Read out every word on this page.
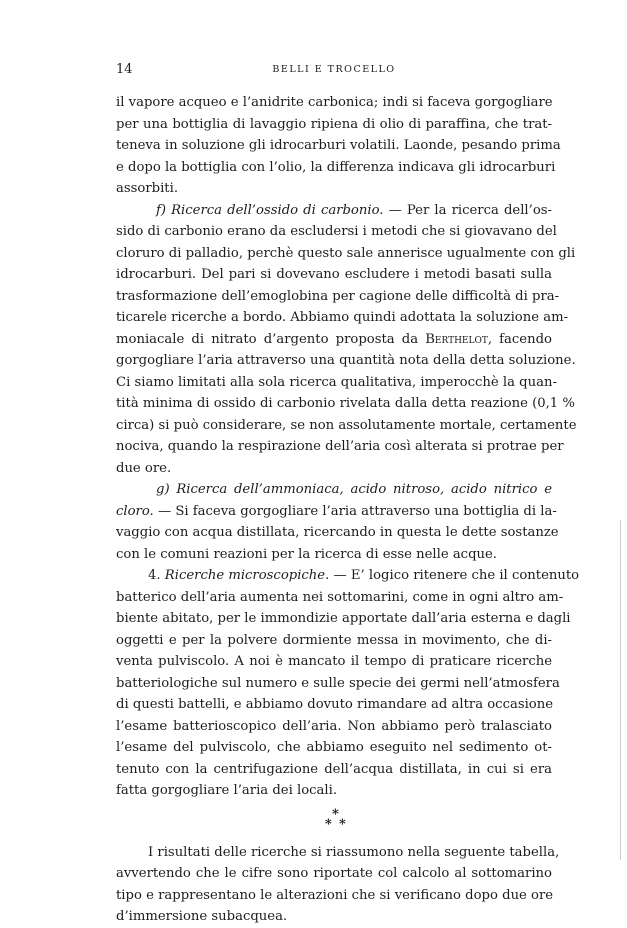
14	BELLI E TROCELLO
il vapore acqueo e l’anidrite carbonica; indi si faceva gorgogliare
per una bottiglia di lavaggio ripiena di olio di paraffina, che trat-
teneva in soluzione gli idrocarburi volatili. Laonde, pesando prima
e dopo la bottiglia con l’olio, la differenza indicava gli idrocarburi
assorbiti.
f) Ricerca dell’ossido di carbonio. — Per la ricerca dell’os-
sido di carbonio erano da escludersi i metodi che si giovavano del
cloruro di palladio, perchè questo sale annerisce ugualmente con gli
idrocarburi. Del pari si dovevano escludere i metodi basati sulla
trasformazione dell’emoglobina per cagione delle difficoltà di pra-
ticarele ricerche a bordo. Abbiamo quindi adottata la soluzione am-
moniacale di nitrato d’argento proposta da Berthelot, facendo
gorgogliare l’aria attraverso una quantità nota della detta soluzione.
Ci siamo limitati alla sola ricerca qualitativa, imperocchè la quan-
tità minima di ossido di carbonio rivelata dalla detta reazione (0,1 %
circa) si può considerare, se non assolutamente mortale, certamente
nociva, quando la respirazione dell’aria così alterata si protrae per
due ore.
g) Ricerca dell’ammoniaca, acido nitroso, acido nitrico e
cloro. — Si faceva gorgogliare l’aria attraverso una bottiglia di la-
vaggio con acqua distillata, ricercando in questa le dette sostanze
con le comuni reazioni per la ricerca di esse nelle acque.
4. Ricerche microscopiche. — E’ logico ritenere che il contenuto
batterico dell’aria aumenta nei sottomarini, come in ogni altro am-
biente abitato, per le immondizie apportate dall’aria esterna e dagli
oggetti e per la polvere dormiente messa in movimento, che di-
venta pulviscolo. A noi è mancato il tempo di praticare ricerche
batteriologiche sul numero e sulle specie dei germi nell’atmosfera
di questi battelli, e abbiamo dovuto rimandare ad altra occasione
l’esame batterioscopico dell’aria. Non abbiamo però tralasciato
l’esame del pulviscolo, che abbiamo eseguito nel sedimento ot-
tenuto con la centrifugazione dell’acqua distillata, in cui si era
fatta gorgogliare l’aria dei locali.
*
* *
I risultati delle ricerche si riassumono nella seguente tabella,
avvertendo che le cifre sono riportate col calcolo al sottomarino
tipo e rappresentano le alterazioni che si verificano dopo due ore
d’immersione subacquea.
